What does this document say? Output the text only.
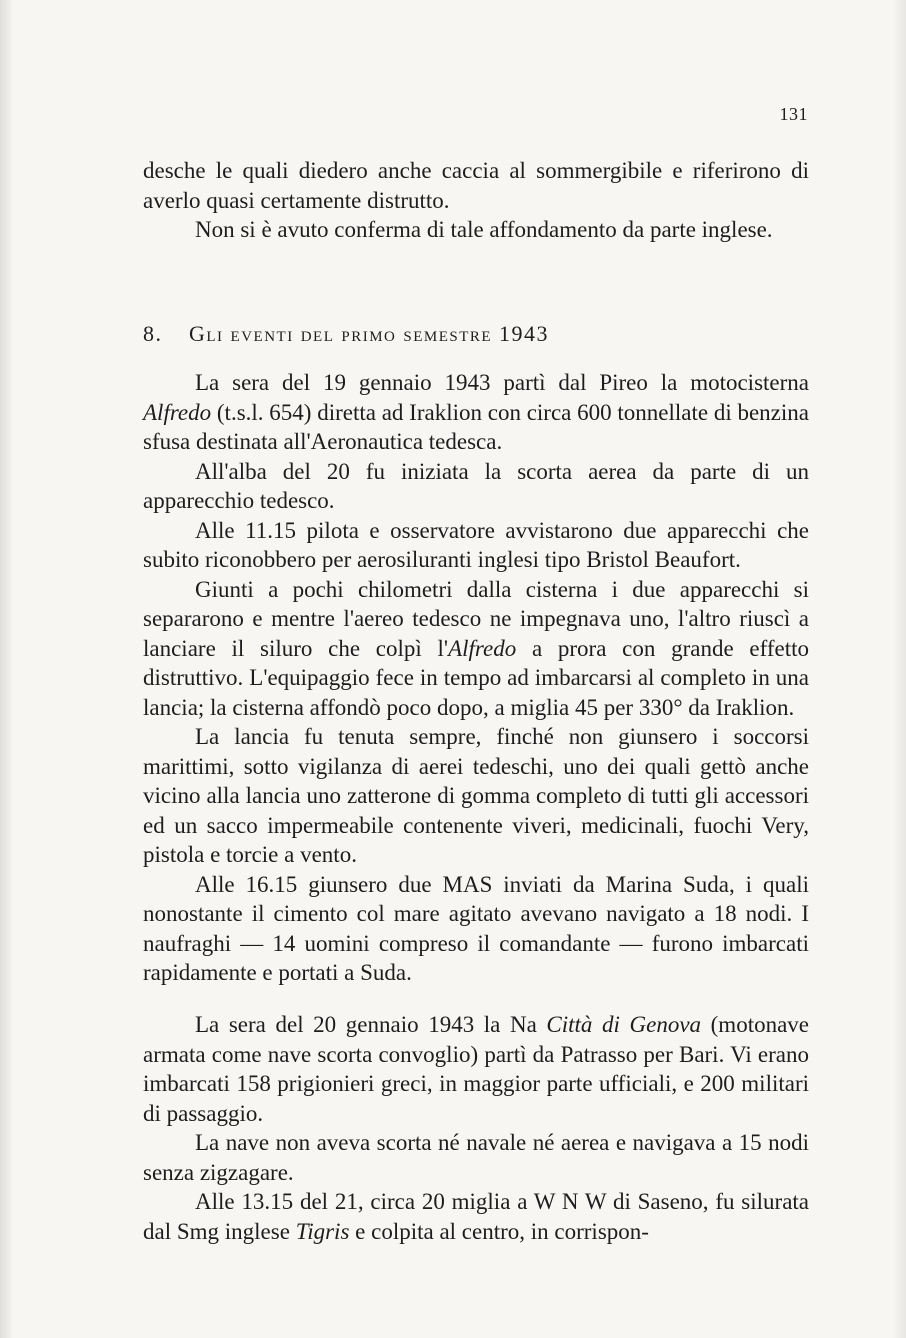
131

desche le quali diedero anche caccia al sommergibile e riferirono di averlo quasi certamente distrutto.

Non si è avuto conferma di tale affondamento da parte inglese.

8. Gli eventi del primo semestre 1943

La sera del 19 gennaio 1943 partì dal Pireo la motocisterna Alfredo (t.s.l. 654) diretta ad Iraklion con circa 600 tonnellate di benzina sfusa destinata all'Aeronautica tedesca.

All'alba del 20 fu iniziata la scorta aerea da parte di un apparecchio tedesco.

Alle 11.15 pilota e osservatore avvistarono due apparecchi che subito riconobbero per aerosiluranti inglesi tipo Bristol Beaufort.

Giunti a pochi chilometri dalla cisterna i due apparecchi si separarono e mentre l'aereo tedesco ne impegnava uno, l'altro riuscì a lanciare il siluro che colpì l'Alfredo a prora con grande effetto distruttivo. L'equipaggio fece in tempo ad imbarcarsi al completo in una lancia; la cisterna affondò poco dopo, a miglia 45 per 330° da Iraklion.

La lancia fu tenuta sempre, finché non giunsero i soccorsi marittimi, sotto vigilanza di aerei tedeschi, uno dei quali gettò anche vicino alla lancia uno zatterone di gomma completo di tutti gli accessori ed un sacco impermeabile contenente viveri, medicinali, fuochi Very, pistola e torcie a vento.

Alle 16.15 giunsero due MAS inviati da Marina Suda, i quali nonostante il cimento col mare agitato avevano navigato a 18 nodi. I naufraghi — 14 uomini compreso il comandante — furono imbarcati rapidamente e portati a Suda.

La sera del 20 gennaio 1943 la Na Città di Genova (motonave armata come nave scorta convoglio) partì da Patrasso per Bari. Vi erano imbarcati 158 prigionieri greci, in maggior parte ufficiali, e 200 militari di passaggio.

La nave non aveva scorta né navale né aerea e navigava a 15 nodi senza zigzagare.

Alle 13.15 del 21, circa 20 miglia a W N W di Saseno, fu silurata dal Smg inglese Tigris e colpita al centro, in corrispon-
